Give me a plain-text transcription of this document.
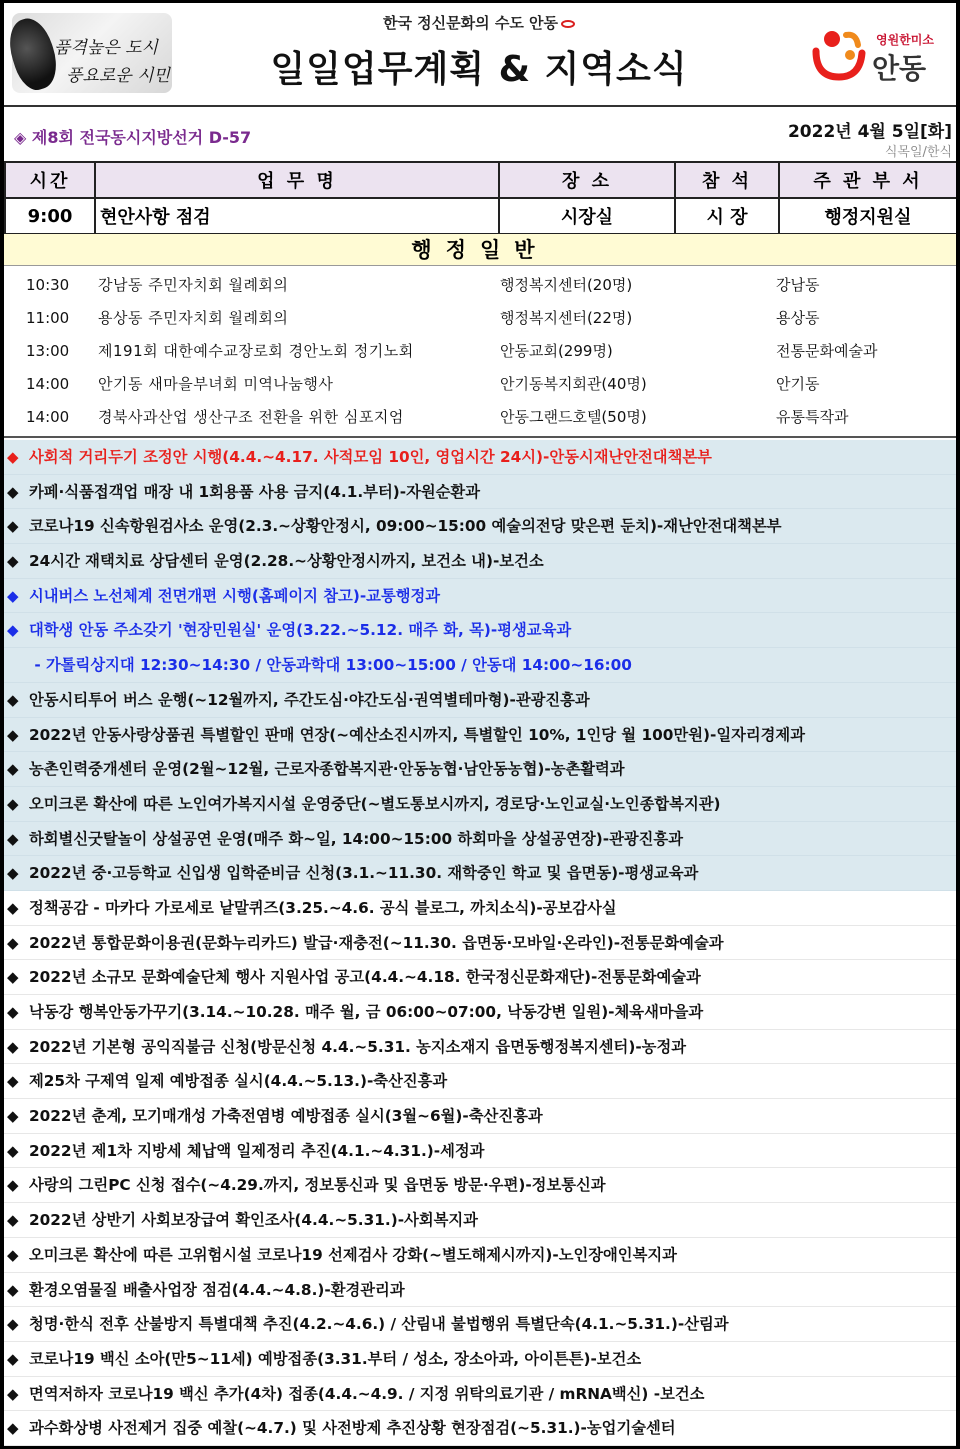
품격높은 도시
풍요로운 시민
한국 정신문화의 수도 안동
일일업무계획 & 지역소식
영원한미소
안동
◈ 제8회 전국동시지방선거 D-57	2022년 4월 5일[화]
식목일/한식
시간	업 무 명	장 소	참 석	주 관 부 서
9:00	현안사항 점검	시장실	시 장	행정지원실
행정일반
10:30 강남동 주민자치회 월례회의	행정복지센터(20명)	강남동
11:00 용상동 주민자치회 월례회의	행정복지센터(22명)	용상동
13:00 제191회 대한예수교장로회 경안노회 정기노회	안동교회(299명)	전통문화예술과
14:00 안기동 새마을부녀회 미역나눔행사	안기동복지회관(40명)	안기동
14:00 경북사과산업 생산구조 전환을 위한 심포지엄	안동그랜드호텔(50명)	유통특작과
◆ 사회적 거리두기 조정안 시행(4.4.~4.17. 사적모임 10인, 영업시간 24시)-안동시재난안전대책본부
◆ 카페·식품접객업 매장 내 1회용품 사용 금지(4.1.부터)-자원순환과
◆ 코로나19 신속항원검사소 운영(2.3.~상황안정시, 09:00~15:00 예술의전당 맞은편 둔치)-재난안전대책본부
◆ 24시간 재택치료 상담센터 운영(2.28.~상황안정시까지, 보건소 내)-보건소
◆ 시내버스 노선체계 전면개편 시행(홈페이지 참고)-교통행정과
◆ 대학생 안동 주소갖기 '현장민원실' 운영(3.22.~5.12. 매주 화, 목)-평생교육과
- 가톨릭상지대 12:30~14:30 / 안동과학대 13:00~15:00 / 안동대 14:00~16:00
◆ 안동시티투어 버스 운행(~12월까지, 주간도심·야간도심·권역별테마형)-관광진흥과
◆ 2022년 안동사랑상품권 특별할인 판매 연장(~예산소진시까지, 특별할인 10%, 1인당 월 100만원)-일자리경제과
◆ 농촌인력중개센터 운영(2월~12월, 근로자종합복지관·안동농협·남안동농협)-농촌활력과
◆ 오미크론 확산에 따른 노인여가복지시설 운영중단(~별도통보시까지, 경로당·노인교실·노인종합복지관)
◆ 하회별신굿탈놀이 상설공연 운영(매주 화~일, 14:00~15:00 하회마을 상설공연장)-관광진흥과
◆ 2022년 중·고등학교 신입생 입학준비금 신청(3.1.~11.30. 재학중인 학교 및 읍면동)-평생교육과
◆ 정책공감 - 마카다 가로세로 낱말퀴즈(3.25.~4.6. 공식 블로그, 까치소식)-공보감사실
◆ 2022년 통합문화이용권(문화누리카드) 발급·재충전(~11.30. 읍면동·모바일·온라인)-전통문화예술과
◆ 2022년 소규모 문화예술단체 행사 지원사업 공고(4.4.~4.18. 한국정신문화재단)-전통문화예술과
◆ 낙동강 행복안동가꾸기(3.14.~10.28. 매주 월, 금 06:00~07:00, 낙동강변 일원)-체육새마을과
◆ 2022년 기본형 공익직불금 신청(방문신청 4.4.~5.31. 농지소재지 읍면동행정복지센터)-농정과
◆ 제25차 구제역 일제 예방접종 실시(4.4.~5.13.)-축산진흥과
◆ 2022년 춘계, 모기매개성 가축전염병 예방접종 실시(3월~6월)-축산진흥과
◆ 2022년 제1차 지방세 체납액 일제정리 추진(4.1.~4.31.)-세정과
◆ 사랑의 그린PC 신청 접수(~4.29.까지, 정보통신과 및 읍면동 방문·우편)-정보통신과
◆ 2022년 상반기 사회보장급여 확인조사(4.4.~5.31.)-사회복지과
◆ 오미크론 확산에 따른 고위험시설 코로나19 선제검사 강화(~별도해제시까지)-노인장애인복지과
◆ 환경오염물질 배출사업장 점검(4.4.~4.8.)-환경관리과
◆ 청명·한식 전후 산불방지 특별대책 추진(4.2.~4.6.) / 산림내 불법행위 특별단속(4.1.~5.31.)-산림과
◆ 코로나19 백신 소아(만5~11세) 예방접종(3.31.부터 / 성소, 장소아과, 아이튼튼)-보건소
◆ 면역저하자 코로나19 백신 추가(4차) 접종(4.4.~4.9. / 지정 위탁의료기관 / mRNA백신) -보건소
◆ 과수화상병 사전제거 집중 예찰(~4.7.) 및 사전방제 추진상황 현장점검(~5.31.)-농업기술센터
